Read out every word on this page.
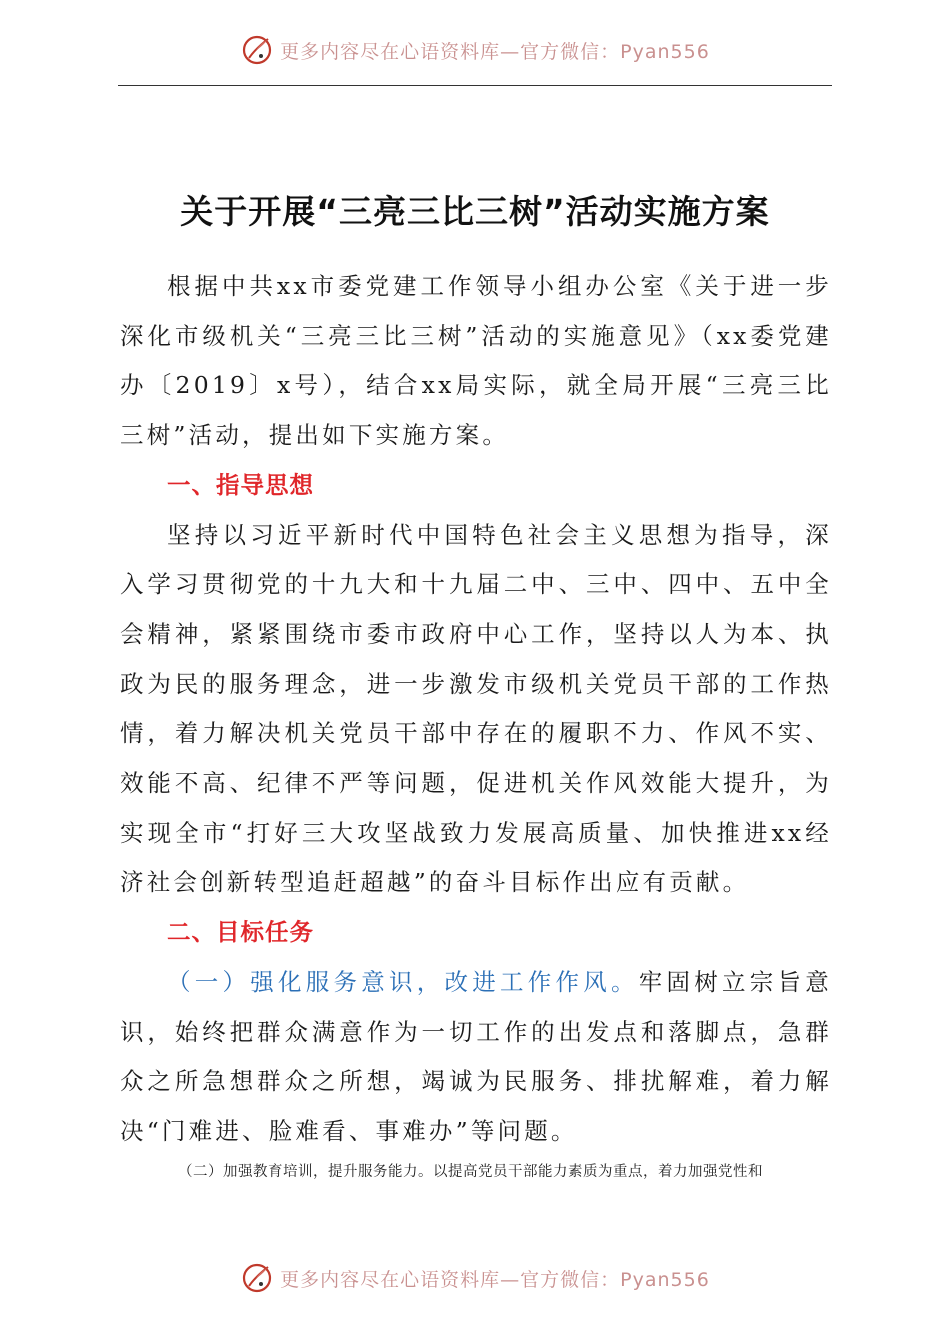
更多内容尽在心语资料库—官方微信：Pyan556
关于开展“三亮三比三树”活动实施方案

根据中共xx市委党建工作领导小组办公室《关于进一步深化市级机关“三亮三比三树”活动的实施意见》（xx委党建办〔2019〕x号），结合xx局实际，就全局开展“三亮三比三树”活动，提出如下实施方案。

一、指导思想

坚持以习近平新时代中国特色社会主义思想为指导，深入学习贯彻党的十九大和十九届二中、三中、四中、五中全会精神，紧紧围绕市委市政府中心工作，坚持以人为本、执政为民的服务理念，进一步激发市级机关党员干部的工作热情，着力解决机关党员干部中存在的履职不力、作风不实、效能不高、纪律不严等问题，促进机关作风效能大提升，为实现全市“打好三大攻坚战致力发展高质量、加快推进xx经济社会创新转型追赶超越”的奋斗目标作出应有贡献。

二、目标任务

（一）强化服务意识，改进工作作风。牢固树立宗旨意识，始终把群众满意作为一切工作的出发点和落脚点，急群众之所急想群众之所想，竭诚为民服务、排扰解难，着力解决“门难进、脸难看、事难办”等问题。

（二）加强教育培训，提升服务能力。以提高党员干部能力素质为重点，着力加强党性和
更多内容尽在心语资料库—官方微信：Pyan556
